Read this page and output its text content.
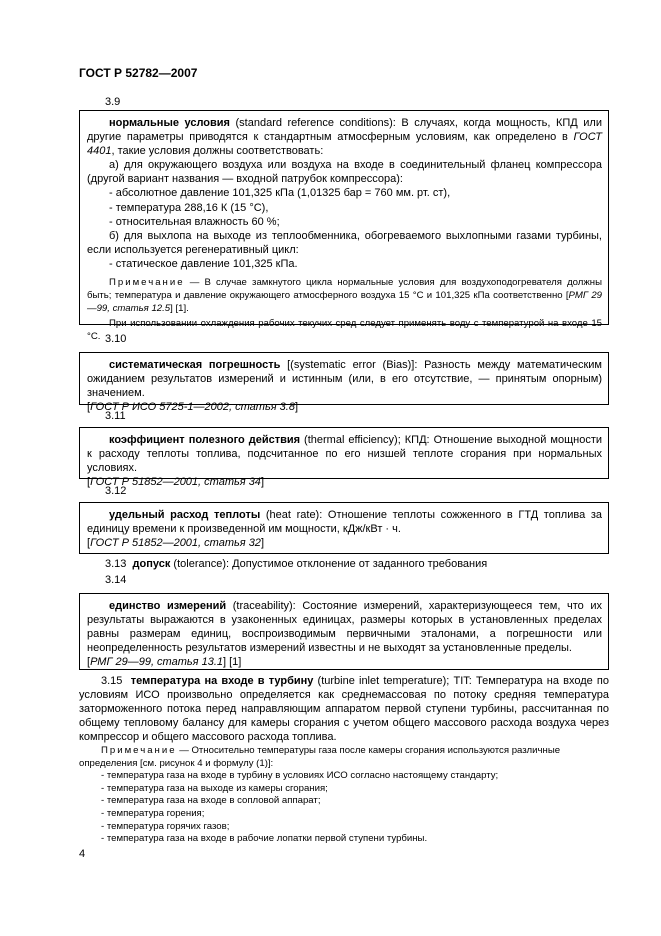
ГОСТ Р 52782—2007
3.9

нормальные условия (standard reference conditions): В случаях, когда мощность, КПД или другие параметры приводятся к стандартным атмосферным условиям, как определено в ГОСТ 4401, такие условия должны соответствовать:

а) для окружающего воздуха или воздуха на входе в соединительный фланец компрессора (другой вариант названия — входной патрубок компрессора):

- абсолютное давление 101,325 кПа (1,01325 бар = 760 мм. рт. ст),

- температура 288,16 К (15 °С),

- относительная влажность 60 %;

б) для выхлопа на выходе из теплообменника, обогреваемого выхлопными газами турбины, если используется регенеративный цикл:

- статическое давление 101,325 кПа.

Примечание — В случае замкнутого цикла нормальные условия для воздухоподогревателя должны быть; температура и давление окружающего атмосферного воздуха 15 °С и 101,325 кПа соответственно [РМГ 29—99, статья 12.5] [1].

При использовании охлаждения рабочих текучих сред следует применять воду с температурой на входе 15 °С. 3.10

систематическая погрешность [(systematic error (Bias)]: Разность между математическим ожиданием результатов измерений и истинным (или, в его отсутствие, — принятым опорным) значением.

[ГОСТ Р ИСО 5725-1—2002, статья 3.8]

3.11

коэффициент полезного действия (thermal efficiency); КПД: Отношение выходной мощности к расходу теплоты топлива, подсчитанное по его низшей теплоте сгорания при нормальных условиях.

[ГОСТ Р 51852—2001, статья 34]

3.12

удельный расход теплоты (heat rate): Отношение теплоты сожженного в ГТД топлива за единицу времени к произведенной им мощности, кДж/кВт · ч.

[ГОСТ Р 51852—2001, статья 32]

3.13 допуск (tolerance): Допустимое отклонение от заданного требования
3.14

единство измерений (traceability): Состояние измерений, характеризующееся тем, что их результаты выражаются в узаконенных единицах, размеры которых в установленных пределах равны размерам единиц, воспроизводимым первичными эталонами, а погрешности или неопределенность результатов измерений известны и не выходят за установленные пределы.

[РМГ 29—99, статья 13.1] [1]

3.15 температура на входе в турбину (turbine inlet temperature); TIT: Температура на входе по условиям ИСО произвольно определяется как среднемассовая по потоку средняя температура заторможенного потока перед направляющим аппаратом первой ступени турбины, рассчитанная по общему тепловому балансу для камеры сгорания с учетом общего массового расхода воздуха через компрессор и общего массового расхода топлива.

Примечание — Относительно температуры газа после камеры сгорания используются различные определения [см. рисунок 4 и формулу (1)]:

- температура газа на входе в турбину в условиях ИСО согласно настоящему стандарту;

- температура газа на выходе из камеры сгорания;

- температура газа на входе в сопловой аппарат;

- температура горения;

- температура горячих газов;

- температура газа на входе в рабочие лопатки первой ступени турбины.

4
